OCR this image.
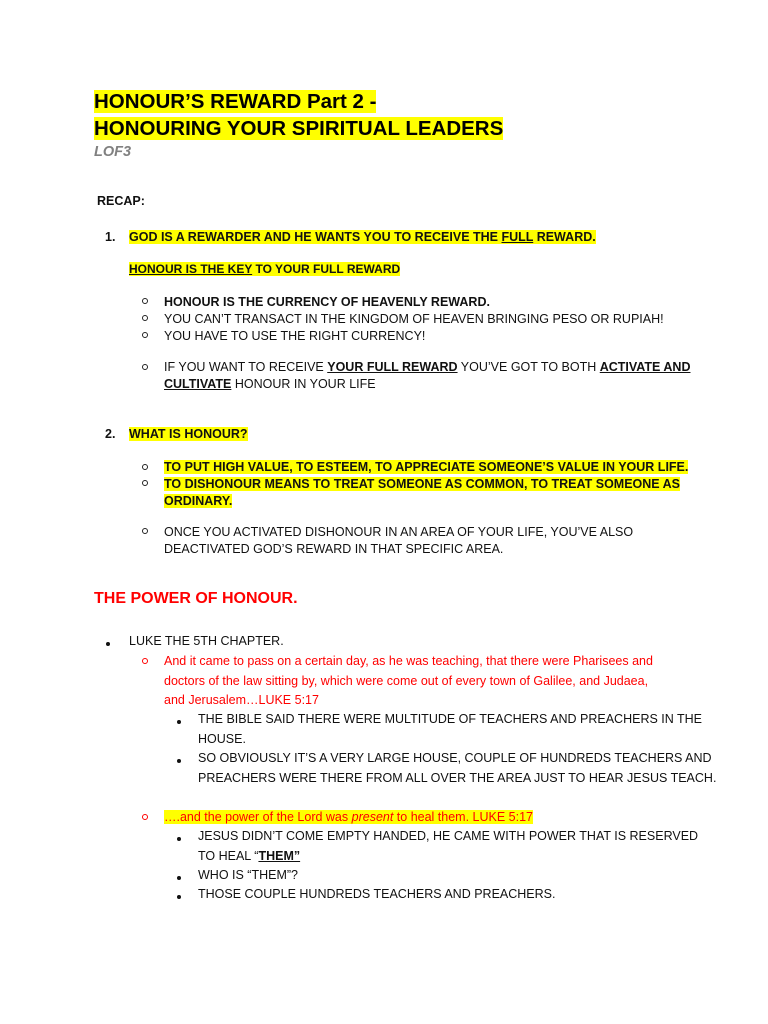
HONOUR’S REWARD Part 2 -
HONOURING YOUR SPIRITUAL LEADERS
LOF3
RECAP:
1. GOD IS A REWARDER AND HE WANTS YOU TO RECEIVE THE FULL REWARD.
HONOUR IS THE KEY TO YOUR FULL REWARD
HONOUR IS THE CURRENCY OF HEAVENLY REWARD.
YOU CAN’T TRANSACT IN THE KINGDOM OF HEAVEN BRINGING PESO OR RUPIAH!
YOU HAVE TO USE THE RIGHT CURRENCY!
IF YOU WANT TO RECEIVE YOUR FULL REWARD YOU’VE GOT TO BOTH ACTIVATE AND
CULTIVATE HONOUR IN YOUR LIFE
2. WHAT IS HONOUR?
TO PUT HIGH VALUE, TO ESTEEM, TO APPRECIATE SOMEONE’S VALUE IN YOUR LIFE.
TO DISHONOUR MEANS TO TREAT SOMEONE AS COMMON, TO TREAT SOMEONE AS
ORDINARY.
ONCE YOU ACTIVATED DISHONOUR IN AN AREA OF YOUR LIFE, YOU’VE ALSO
DEACTIVATED GOD’S REWARD IN THAT SPECIFIC AREA.
THE POWER OF HONOUR.
LUKE THE 5TH CHAPTER.
And it came to pass on a certain day, as he was teaching, that there were Pharisees and
doctors of the law sitting by, which were come out of every town of Galilee, and Judaea,
and Jerusalem…LUKE 5:17
THE BIBLE SAID THERE WERE MULTITUDE OF TEACHERS AND PREACHERS IN THE
HOUSE.
SO OBVIOUSLY IT’S A VERY LARGE HOUSE, COUPLE OF HUNDREDS TEACHERS AND
PREACHERS WERE THERE FROM ALL OVER THE AREA JUST TO HEAR JESUS TEACH.
….and the power of the Lord was present to heal them. LUKE 5:17
JESUS DIDN’T COME EMPTY HANDED, HE CAME WITH POWER THAT IS RESERVED
TO HEAL “THEM”
WHO IS “THEM”?
THOSE COUPLE HUNDREDS TEACHERS AND PREACHERS.
